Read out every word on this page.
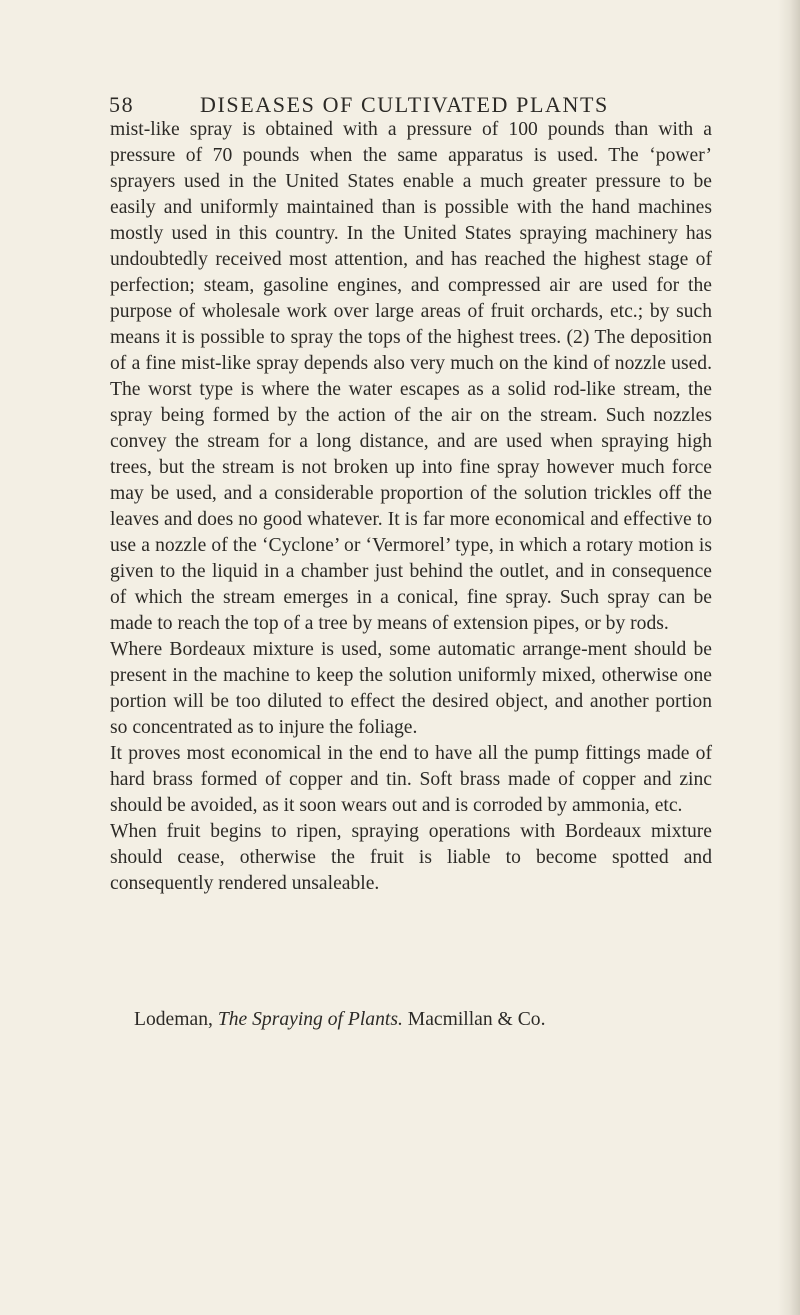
58	DISEASES OF CULTIVATED PLANTS

mist-like spray is obtained with a pressure of 100 pounds than with a pressure of 70 pounds when the same apparatus is used. The ‘power’ sprayers used in the United States enable a much greater pressure to be easily and uniformly maintained than is possible with the hand machines mostly used in this country. In the United States spraying machinery has undoubtedly received most attention, and has reached the highest stage of perfection; steam, gasoline engines, and compressed air are used for the purpose of wholesale work over large areas of fruit orchards, etc.; by such means it is possible to spray the tops of the highest trees. (2) The deposition of a fine mist-like spray depends also very much on the kind of nozzle used. The worst type is where the water escapes as a solid rod-like stream, the spray being formed by the action of the air on the stream. Such nozzles convey the stream for a long distance, and are used when spraying high trees, but the stream is not broken up into fine spray however much force may be used, and a considerable proportion of the solution trickles off the leaves and does no good whatever. It is far more economical and effective to use a nozzle of the ‘Cyclone’ or ‘Vermorel’ type, in which a rotary motion is given to the liquid in a chamber just behind the outlet, and in consequence of which the stream emerges in a conical, fine spray. Such spray can be made to reach the top of a tree by means of extension pipes, or by rods.

Where Bordeaux mixture is used, some automatic arrange-ment should be present in the machine to keep the solution uniformly mixed, otherwise one portion will be too diluted to effect the desired object, and another portion so concentrated as to injure the foliage.

It proves most economical in the end to have all the pump fittings made of hard brass formed of copper and tin. Soft brass made of copper and zinc should be avoided, as it soon wears out and is corroded by ammonia, etc.

When fruit begins to ripen, spraying operations with Bordeaux mixture should cease, otherwise the fruit is liable to become spotted and consequently rendered unsaleable.

Lodeman, The Spraying of Plants. Macmillan & Co.
